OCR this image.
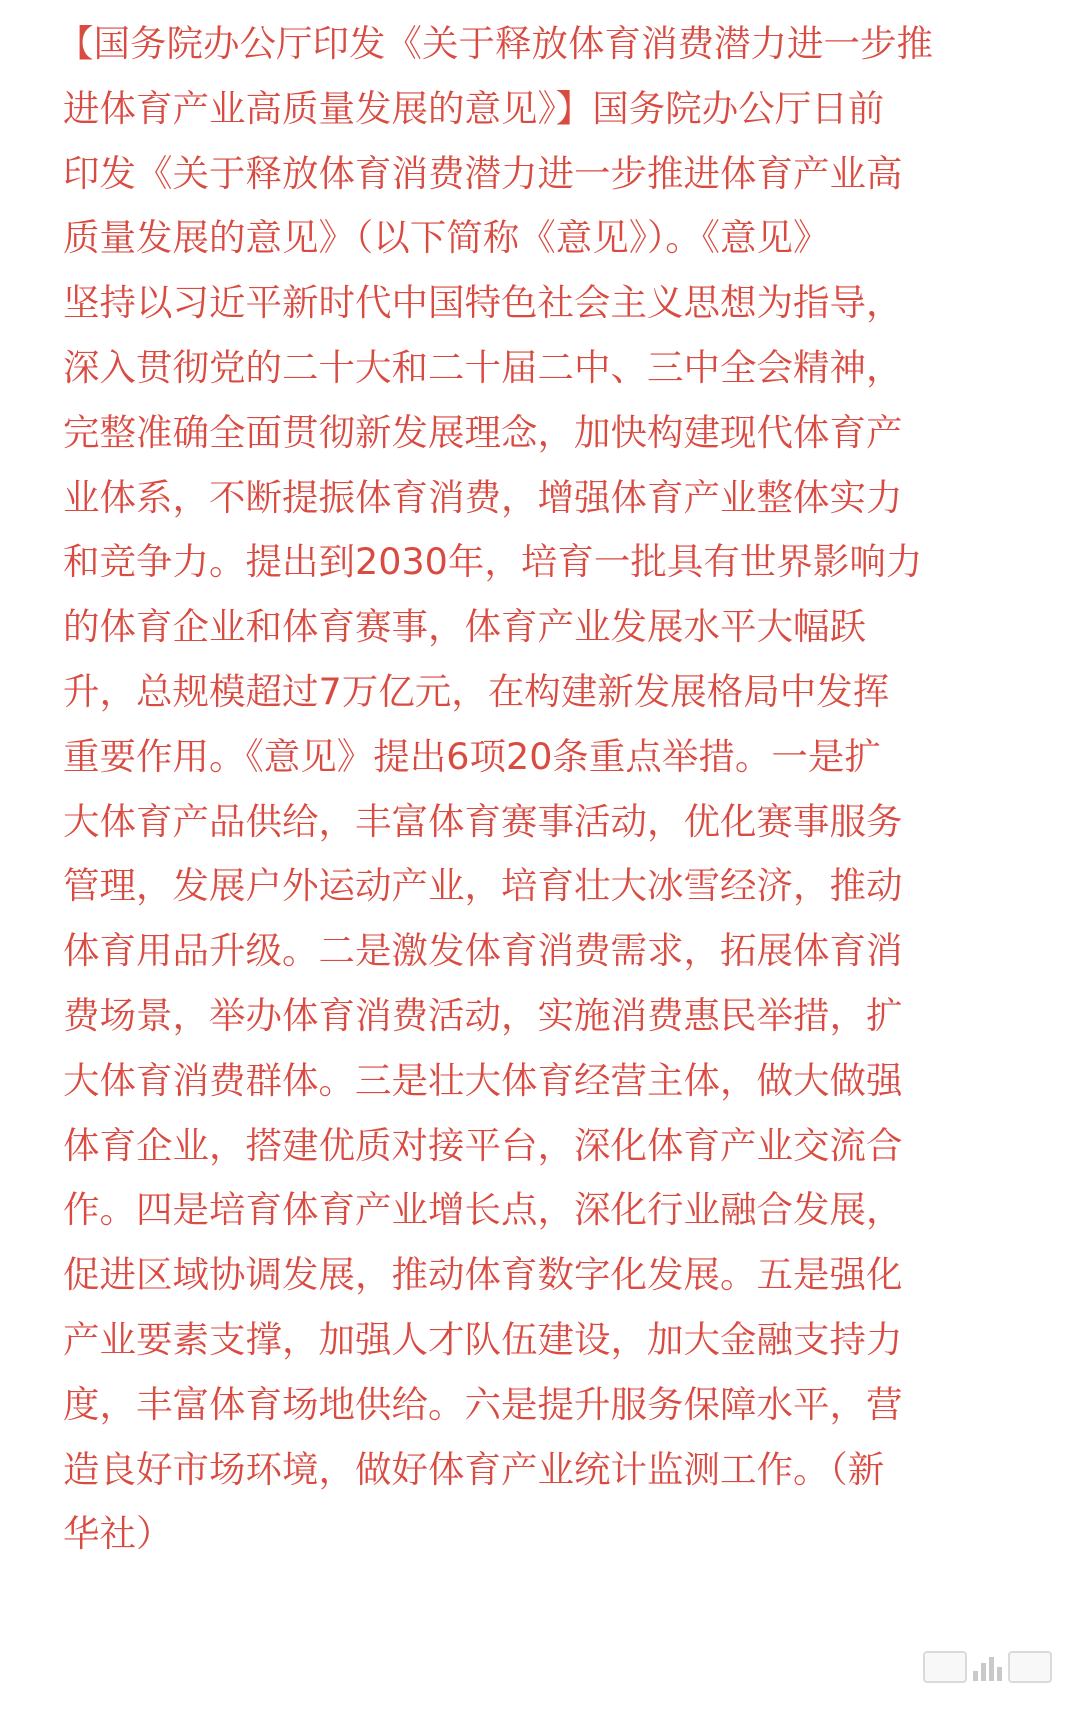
【国务院办公厅印发《关于释放体育消费潜力进一步推
进体育产业高质量发展的意见》】国务院办公厅日前
印发《关于释放体育消费潜力进一步推进体育产业高
质量发展的意见》（以下简称《意见》）。《意见》
坚持以习近平新时代中国特色社会主义思想为指导，
深入贯彻党的二十大和二十届二中、三中全会精神，
完整准确全面贯彻新发展理念，加快构建现代体育产
业体系，不断提振体育消费，增强体育产业整体实力
和竞争力。提出到2030年，培育一批具有世界影响力
的体育企业和体育赛事，体育产业发展水平大幅跃
升，总规模超过7万亿元，在构建新发展格局中发挥
重要作用。《意见》提出6项20条重点举措。一是扩
大体育产品供给，丰富体育赛事活动，优化赛事服务
管理，发展户外运动产业，培育壮大冰雪经济，推动
体育用品升级。二是激发体育消费需求，拓展体育消
费场景，举办体育消费活动，实施消费惠民举措，扩
大体育消费群体。三是壮大体育经营主体，做大做强
体育企业，搭建优质对接平台，深化体育产业交流合
作。四是培育体育产业增长点，深化行业融合发展，
促进区域协调发展，推动体育数字化发展。五是强化
产业要素支撑，加强人才队伍建设，加大金融支持力
度，丰富体育场地供给。六是提升服务保障水平，营
造良好市场环境，做好体育产业统计监测工作。（新
华社）
